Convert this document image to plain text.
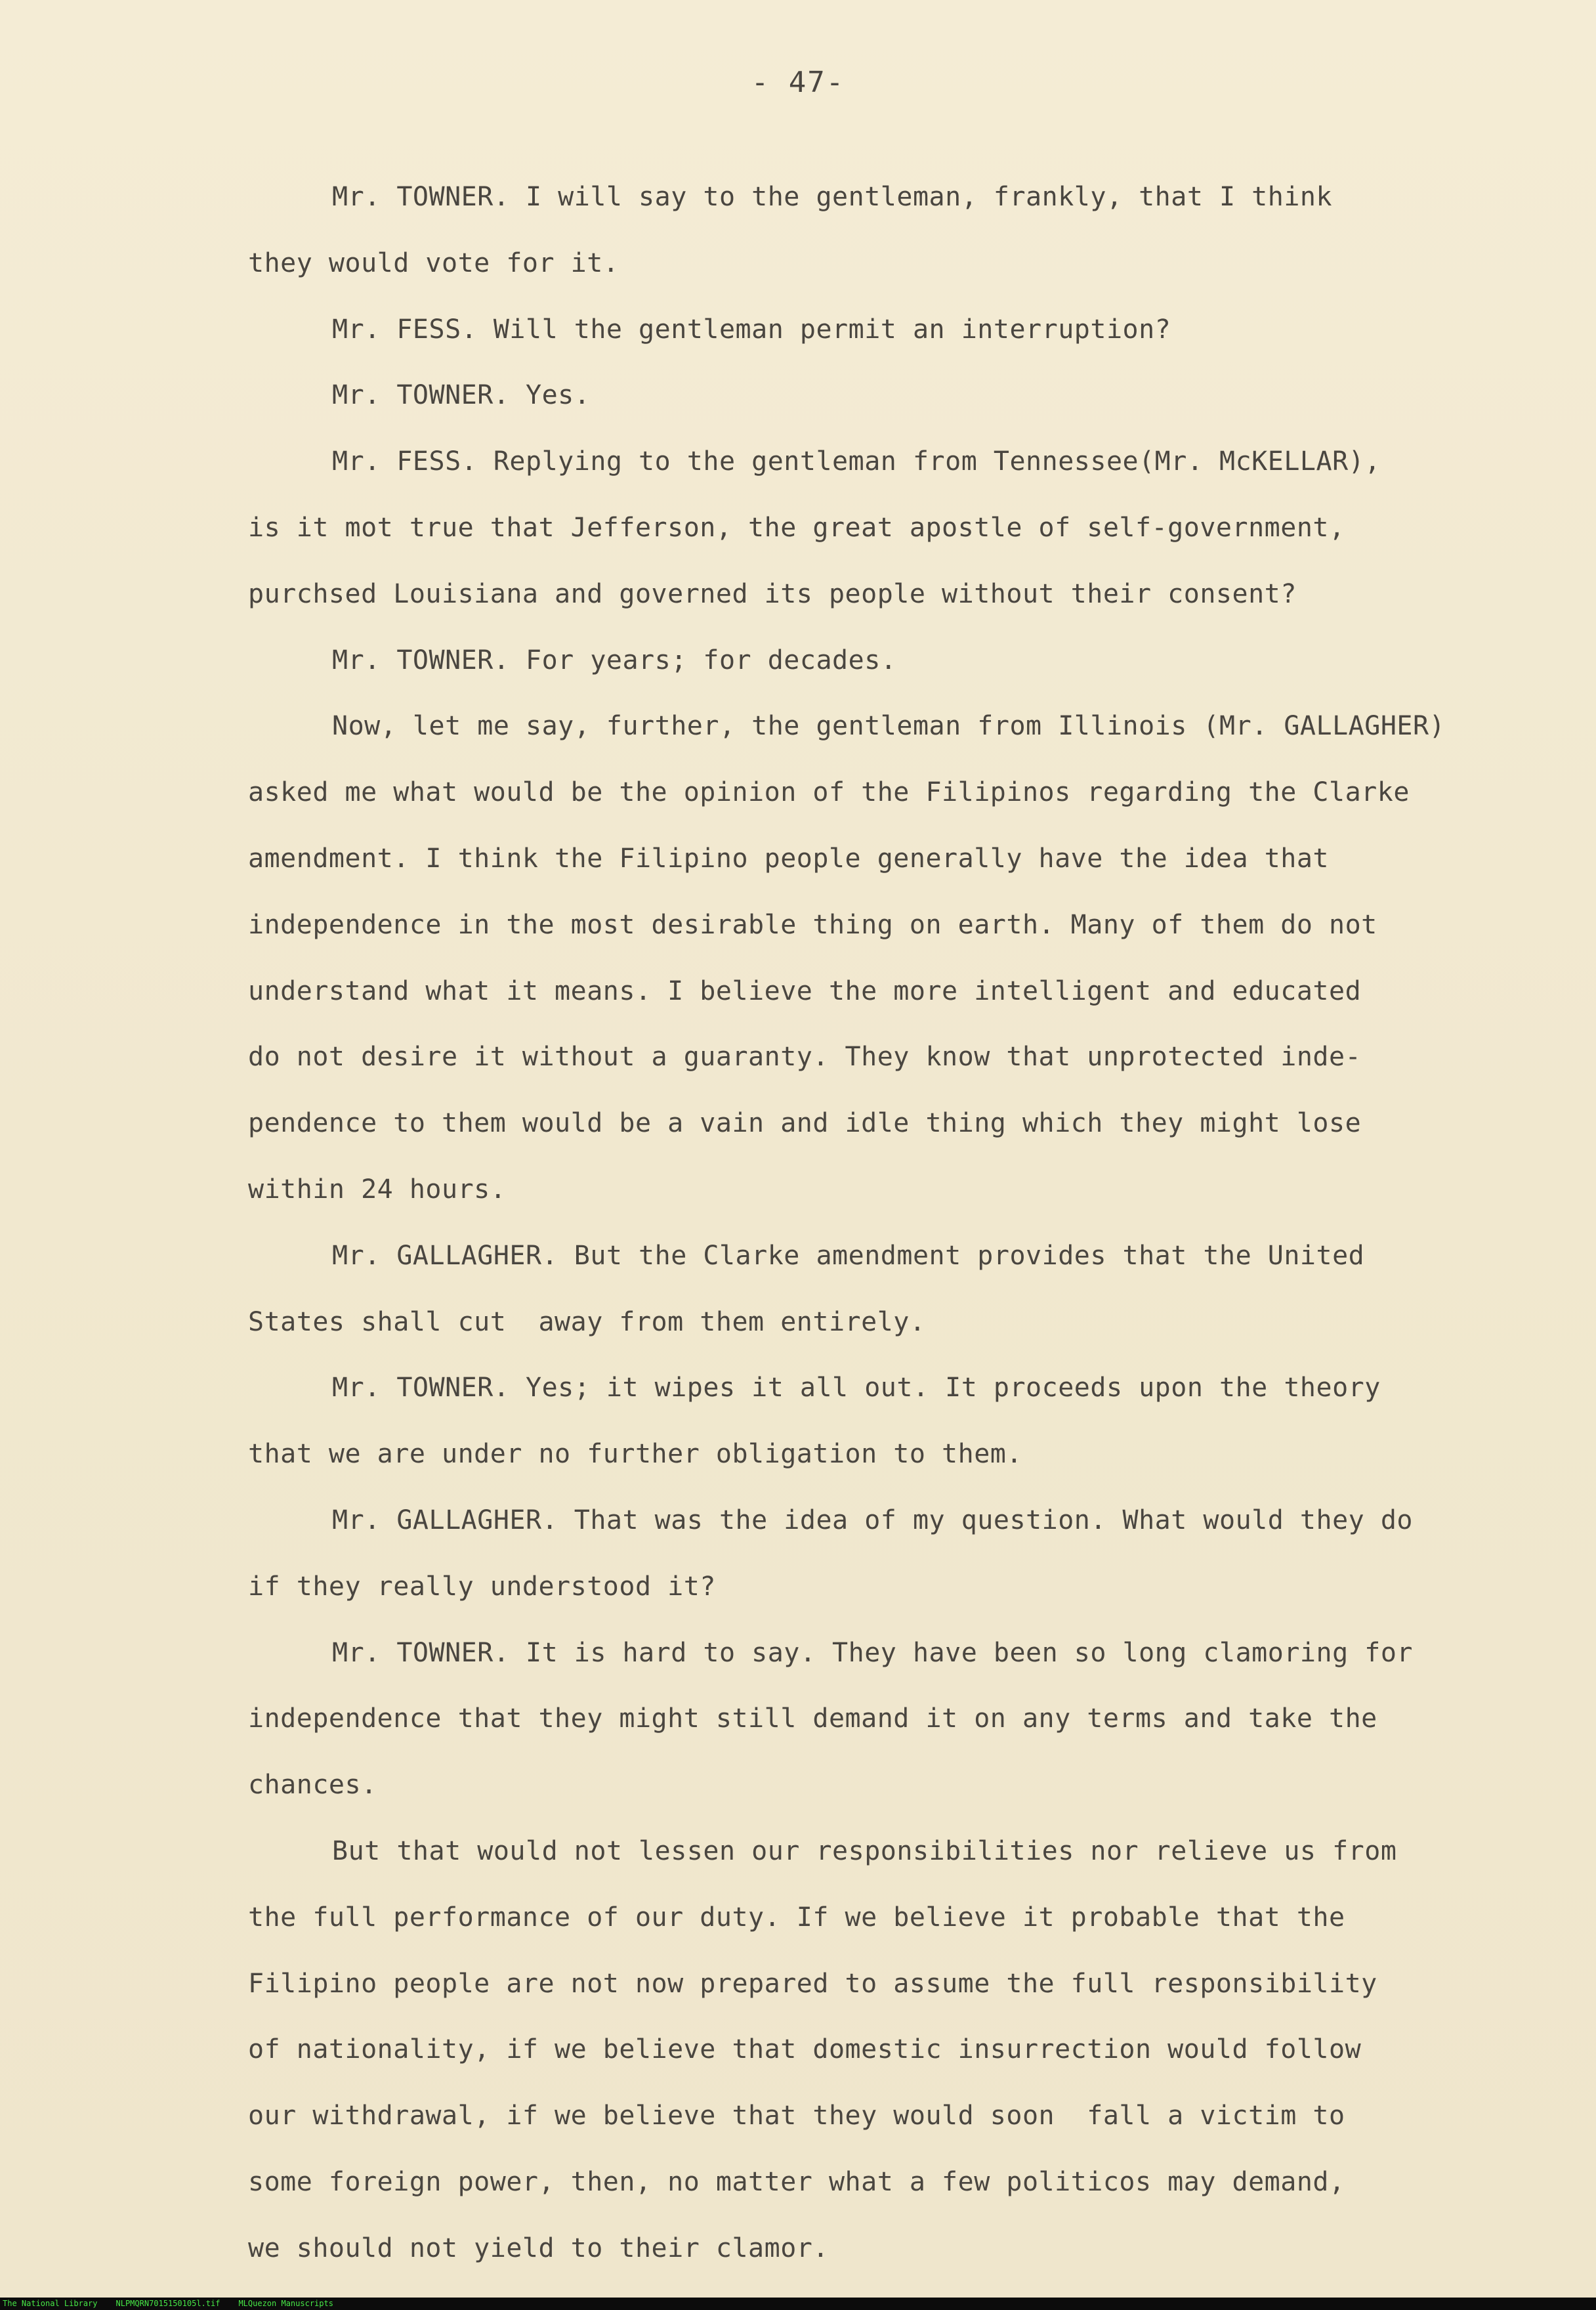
- 47-
Mr. TOWNER. I will say to the gentleman, frankly, that I think
they would vote for it.
Mr. FESS. Will the gentleman permit an interruption?
Mr. TOWNER. Yes.
Mr. FESS. Replying to the gentleman from Tennessee(Mr. McKELLAR),
is it mot true that Jefferson, the great apostle of self-government,
purchsed Louisiana and governed its people without their consent?
Mr. TOWNER. For years; for decades.
Now, let me say, further, the gentleman from Illinois (Mr. GALLAGHER)
asked me what would be the opinion of the Filipinos regarding the Clarke
amendment. I think the Filipino people generally have the idea that
independence in the most desirable thing on earth. Many of them do not
understand what it means. I believe the more intelligent and educated
do not desire it without a guaranty. They know that unprotected inde-
pendence to them would be a vain and idle thing which they might lose
within 24 hours.
Mr. GALLAGHER. But the Clarke amendment provides that the United
States shall cut  away from them entirely.
Mr. TOWNER. Yes; it wipes it all out. It proceeds upon the theory
that we are under no further obligation to them.
Mr. GALLAGHER. That was the idea of my question. What would they do
if they really understood it?
Mr. TOWNER. It is hard to say. They have been so long clamoring for
independence that they might still demand it on any terms and take the
chances.
But that would not lessen our responsibilities nor relieve us from
the full performance of our duty. If we believe it probable that the
Filipino people are not now prepared to assume the full responsibility
of nationality, if we believe that domestic insurrection would follow
our withdrawal, if we believe that they would soon  fall a victim to
some foreign power, then, no matter what a few politicos may demand,
we should not yield to their clamor.
The National Library NLPMQRN7015150105l.tif MLQuezon Manuscripts
